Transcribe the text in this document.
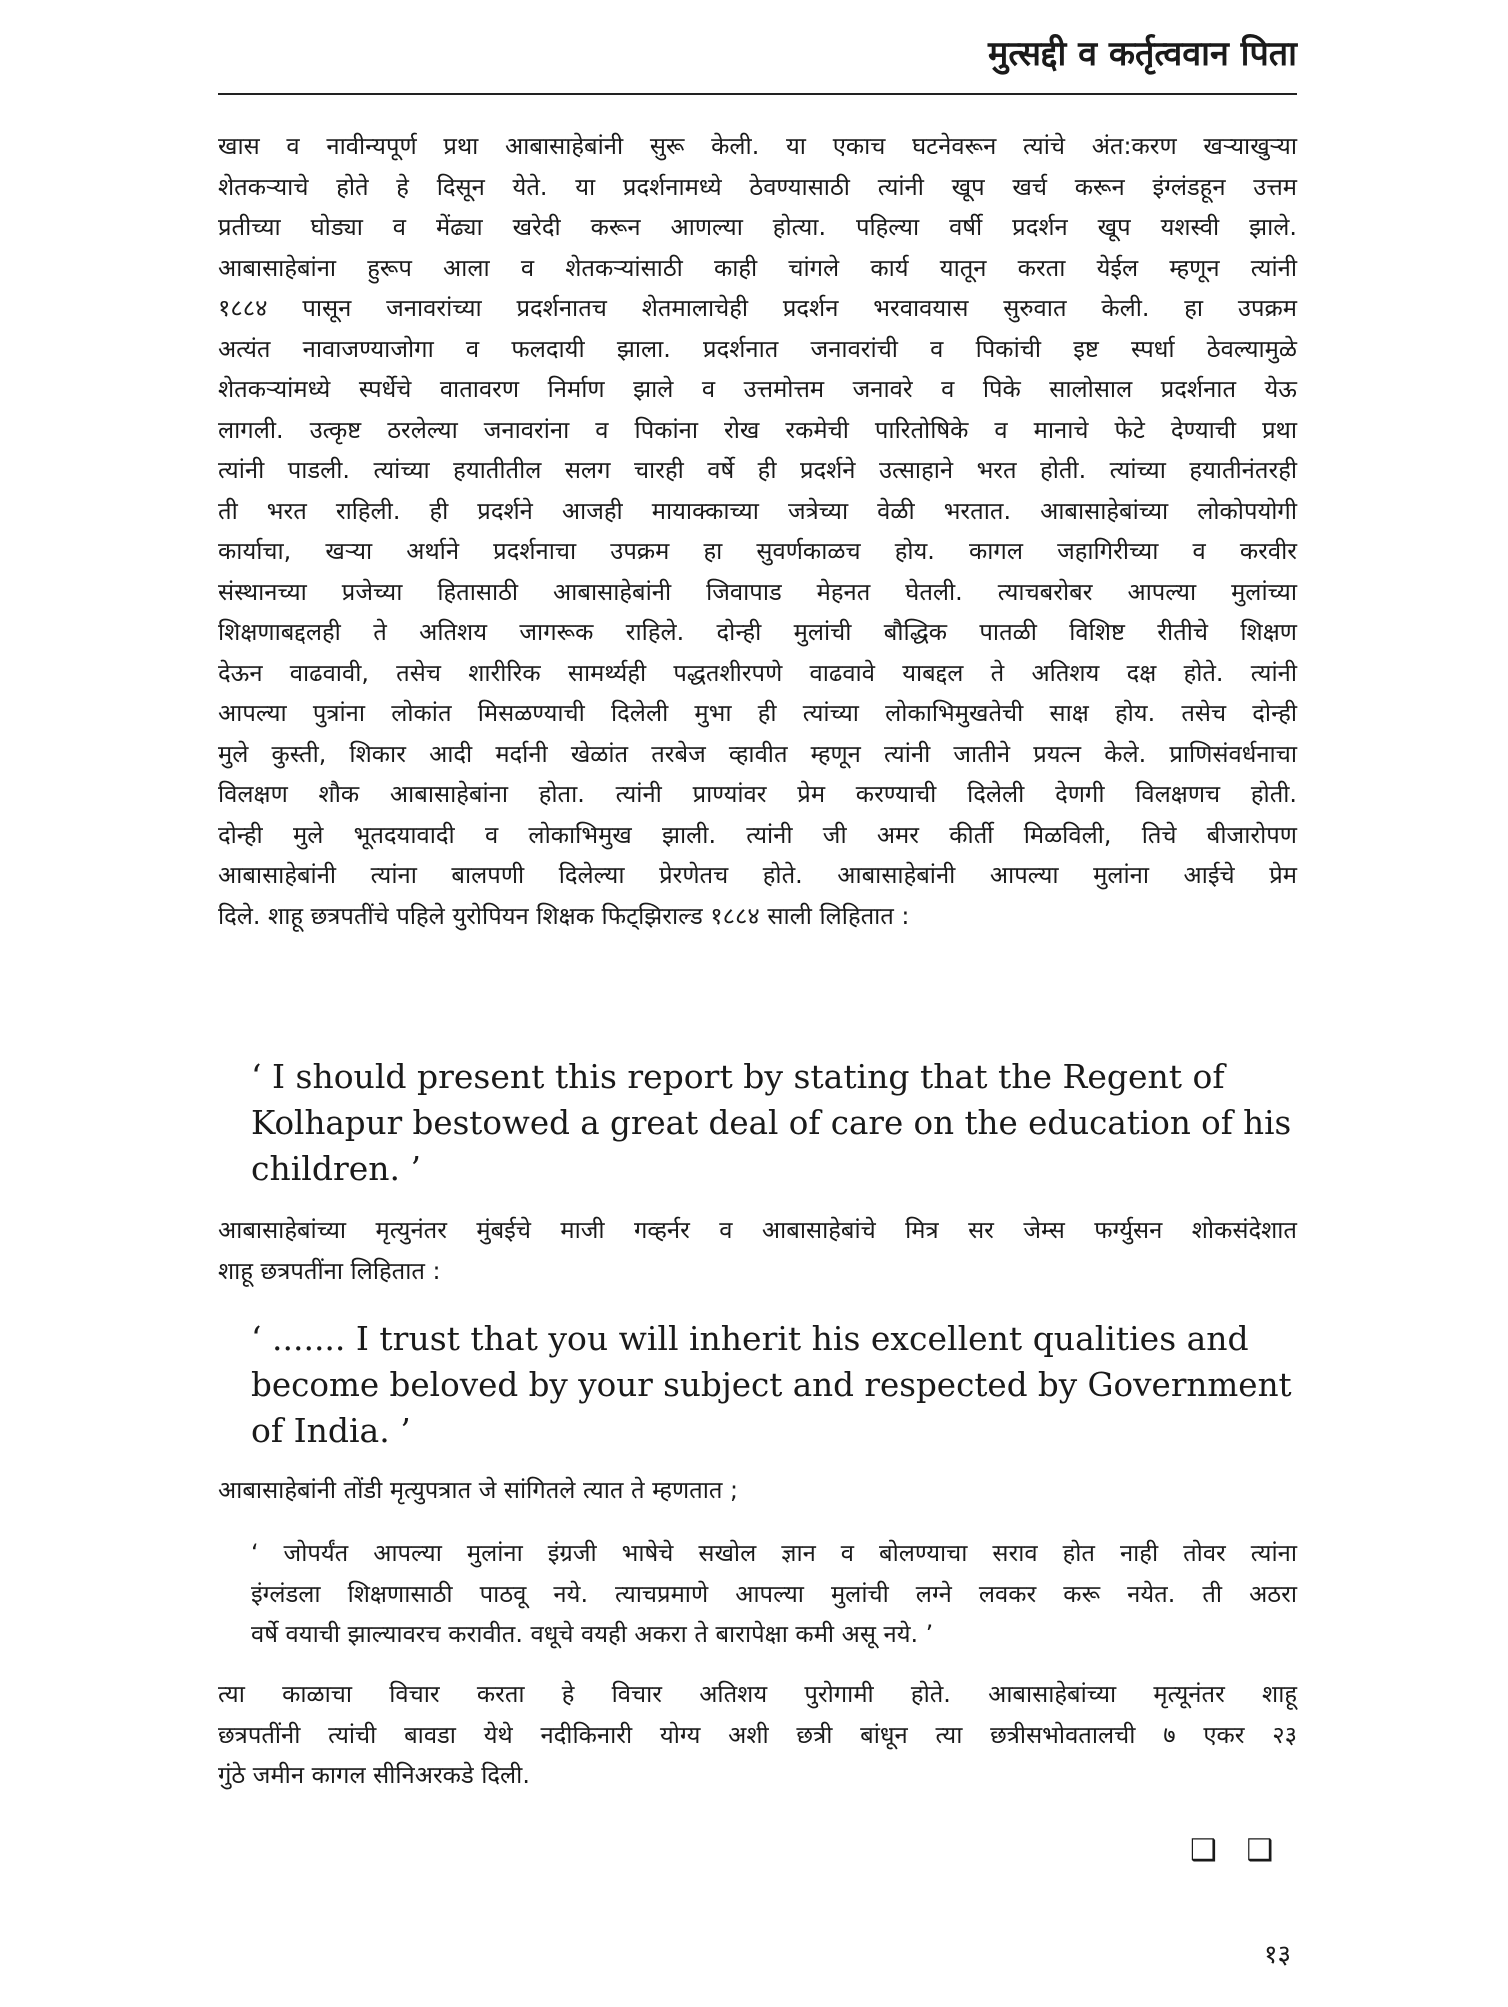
मुत्सद्दी व कर्तृत्ववान पिता
खास व नावीन्यपूर्ण प्रथा आबासाहेबांनी सुरू केली. या एकाच घटनेवरून त्यांचे अंत:करण खऱ्याखुऱ्या
शेतकऱ्याचे होते हे दिसून येते. या प्रदर्शनामध्ये ठेवण्यासाठी त्यांनी खूप खर्च करून इंग्लंडहून उत्तम
प्रतीच्या घोड्या व मेंढ्या खरेदी करून आणल्या होत्या. पहिल्या वर्षी प्रदर्शन खूप यशस्वी झाले.
आबासाहेबांना हुरूप आला व शेतकऱ्यांसाठी काही चांगले कार्य यातून करता येईल म्हणून त्यांनी
१८८४ पासून जनावरांच्या प्रदर्शनातच शेतमालाचेही प्रदर्शन भरवावयास सुरुवात केली. हा उपक्रम
अत्यंत नावाजण्याजोगा व फलदायी झाला. प्रदर्शनात जनावरांची व पिकांची इष्ट स्पर्धा ठेवल्यामुळे
शेतकऱ्यांमध्ये स्पर्धेचे वातावरण निर्माण झाले व उत्तमोत्तम जनावरे व पिके सालोसाल प्रदर्शनात येऊ
लागली. उत्कृष्ट ठरलेल्या जनावरांना व पिकांना रोख रकमेची पारितोषिके व मानाचे फेटे देण्याची प्रथा
त्यांनी पाडली. त्यांच्या हयातीतील सलग चारही वर्षे ही प्रदर्शने उत्साहाने भरत होती. त्यांच्या हयातीनंतरही
ती भरत राहिली. ही प्रदर्शने आजही मायाक्काच्या जत्रेच्या वेळी भरतात. आबासाहेबांच्या लोकोपयोगी
कार्याचा, खऱ्या अर्थाने प्रदर्शनाचा उपक्रम हा सुवर्णकाळच होय. कागल जहागिरीच्या व करवीर
संस्थानच्या प्रजेच्या हितासाठी आबासाहेबांनी जिवापाड मेहनत घेतली. त्याचबरोबर आपल्या मुलांच्या
शिक्षणाबद्दलही ते अतिशय जागरूक राहिले. दोन्ही मुलांची बौद्धिक पातळी विशिष्ट रीतीचे शिक्षण
देऊन वाढवावी, तसेच शारीरिक सामर्थ्यही पद्धतशीरपणे वाढवावे याबद्दल ते अतिशय दक्ष होते. त्यांनी
आपल्या पुत्रांना लोकांत मिसळण्याची दिलेली मुभा ही त्यांच्या लोकाभिमुखतेची साक्ष होय. तसेच दोन्ही
मुले कुस्ती, शिकार आदी मर्दानी खेळांत तरबेज व्हावीत म्हणून त्यांनी जातीने प्रयत्न केले. प्राणिसंवर्धनाचा
विलक्षण शौक आबासाहेबांना होता. त्यांनी प्राण्यांवर प्रेम करण्याची दिलेली देणगी विलक्षणच होती.
दोन्ही मुले भूतदयावादी व लोकाभिमुख झाली. त्यांनी जी अमर कीर्ती मिळविली, तिचे बीजारोपण
आबासाहेबांनी त्यांना बालपणी दिलेल्या प्रेरणेतच होते. आबासाहेबांनी आपल्या मुलांना आईचे प्रेम
दिले. शाहू छत्रपतींचे पहिले युरोपियन शिक्षक फिट्झिराल्ड १८८४ साली लिहितात :
‘ I should present this report by stating that the Regent of
Kolhapur bestowed a great deal of care on the education of his
children. ’
आबासाहेबांच्या मृत्युनंतर मुंबईचे माजी गव्हर्नर व आबासाहेबांचे मित्र सर जेम्स फर्ग्युसन शोकसंदेशात
शाहू छत्रपतींना लिहितात :
‘ ....... I trust that you will inherit his excellent qualities and
become beloved by your subject and respected by Government
of India. ’
आबासाहेबांनी तोंडी मृत्युपत्रात जे सांगितले त्यात ते म्हणतात ;
‘ जोपर्यंत आपल्या मुलांना इंग्रजी भाषेचे सखोल ज्ञान व बोलण्याचा सराव होत नाही तोवर त्यांना
इंग्लंडला शिक्षणासाठी पाठवू नये. त्याचप्रमाणे आपल्या मुलांची लग्ने लवकर करू नयेत. ती अठरा
वर्षे वयाची झाल्यावरच करावीत. वधूचे वयही अकरा ते बारापेक्षा कमी असू नये. ’
त्या काळाचा विचार करता हे विचार अतिशय पुरोगामी होते. आबासाहेबांच्या मृत्यूनंतर शाहू
छत्रपतींनी त्यांची बावडा येथे नदीकिनारी योग्य अशी छत्री बांधून त्या छत्रीसभोवतालची ७ एकर २३
गुंठे जमीन कागल सीनिअरकडे दिली.
❑ ❑
१३
